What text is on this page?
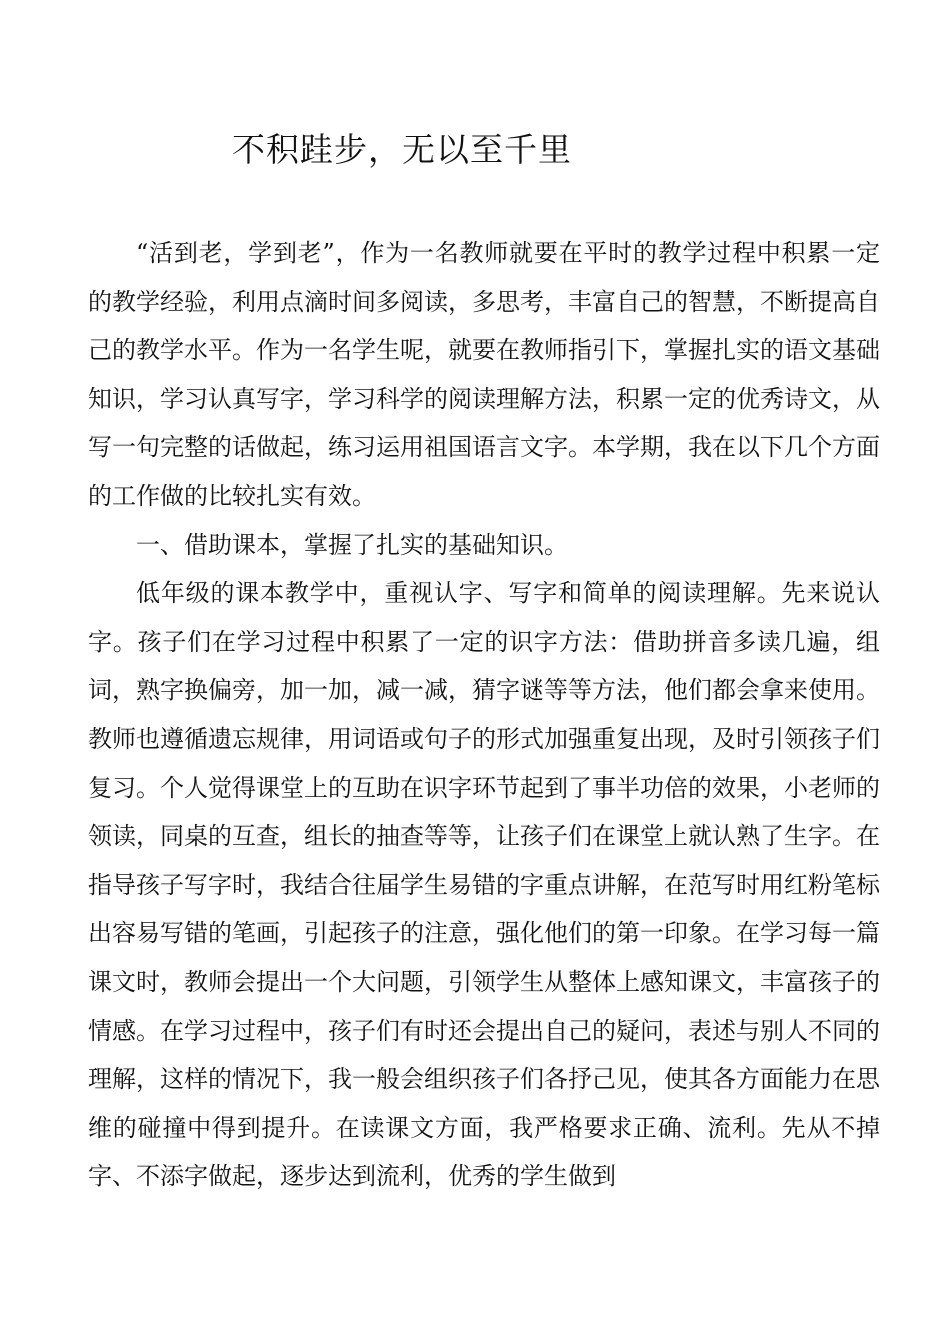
不积跬步，无以至千里

“活到老，学到老”，作为一名教师就要在平时的教学过程中积累一定的教学经验，利用点滴时间多阅读，多思考，丰富自己的智慧，不断提高自己的教学水平。作为一名学生呢，就要在教师指引下，掌握扎实的语文基础知识，学习认真写字，学习科学的阅读理解方法，积累一定的优秀诗文，从写一句完整的话做起，练习运用祖国语言文字。本学期，我在以下几个方面的工作做的比较扎实有效。

一、借助课本，掌握了扎实的基础知识。

低年级的课本教学中，重视认字、写字和简单的阅读理解。先来说认字。孩子们在学习过程中积累了一定的识字方法：借助拼音多读几遍，组词，熟字换偏旁，加一加，减一减，猜字谜等等方法，他们都会拿来使用。教师也遵循遗忘规律，用词语或句子的形式加强重复出现，及时引领孩子们复习。个人觉得课堂上的互助在识字环节起到了事半功倍的效果，小老师的领读，同桌的互查，组长的抽查等等，让孩子们在课堂上就认熟了生字。在指导孩子写字时，我结合往届学生易错的字重点讲解，在范写时用红粉笔标出容易写错的笔画，引起孩子的注意，强化他们的第一印象。在学习每一篇课文时，教师会提出一个大问题，引领学生从整体上感知课文，丰富孩子的情感。在学习过程中，孩子们有时还会提出自己的疑问，表述与别人不同的理解，这样的情况下，我一般会组织孩子们各抒己见，使其各方面能力在思维的碰撞中得到提升。在读课文方面，我严格要求正确、流利。先从不掉字、不添字做起，逐步达到流利，优秀的学生做到
